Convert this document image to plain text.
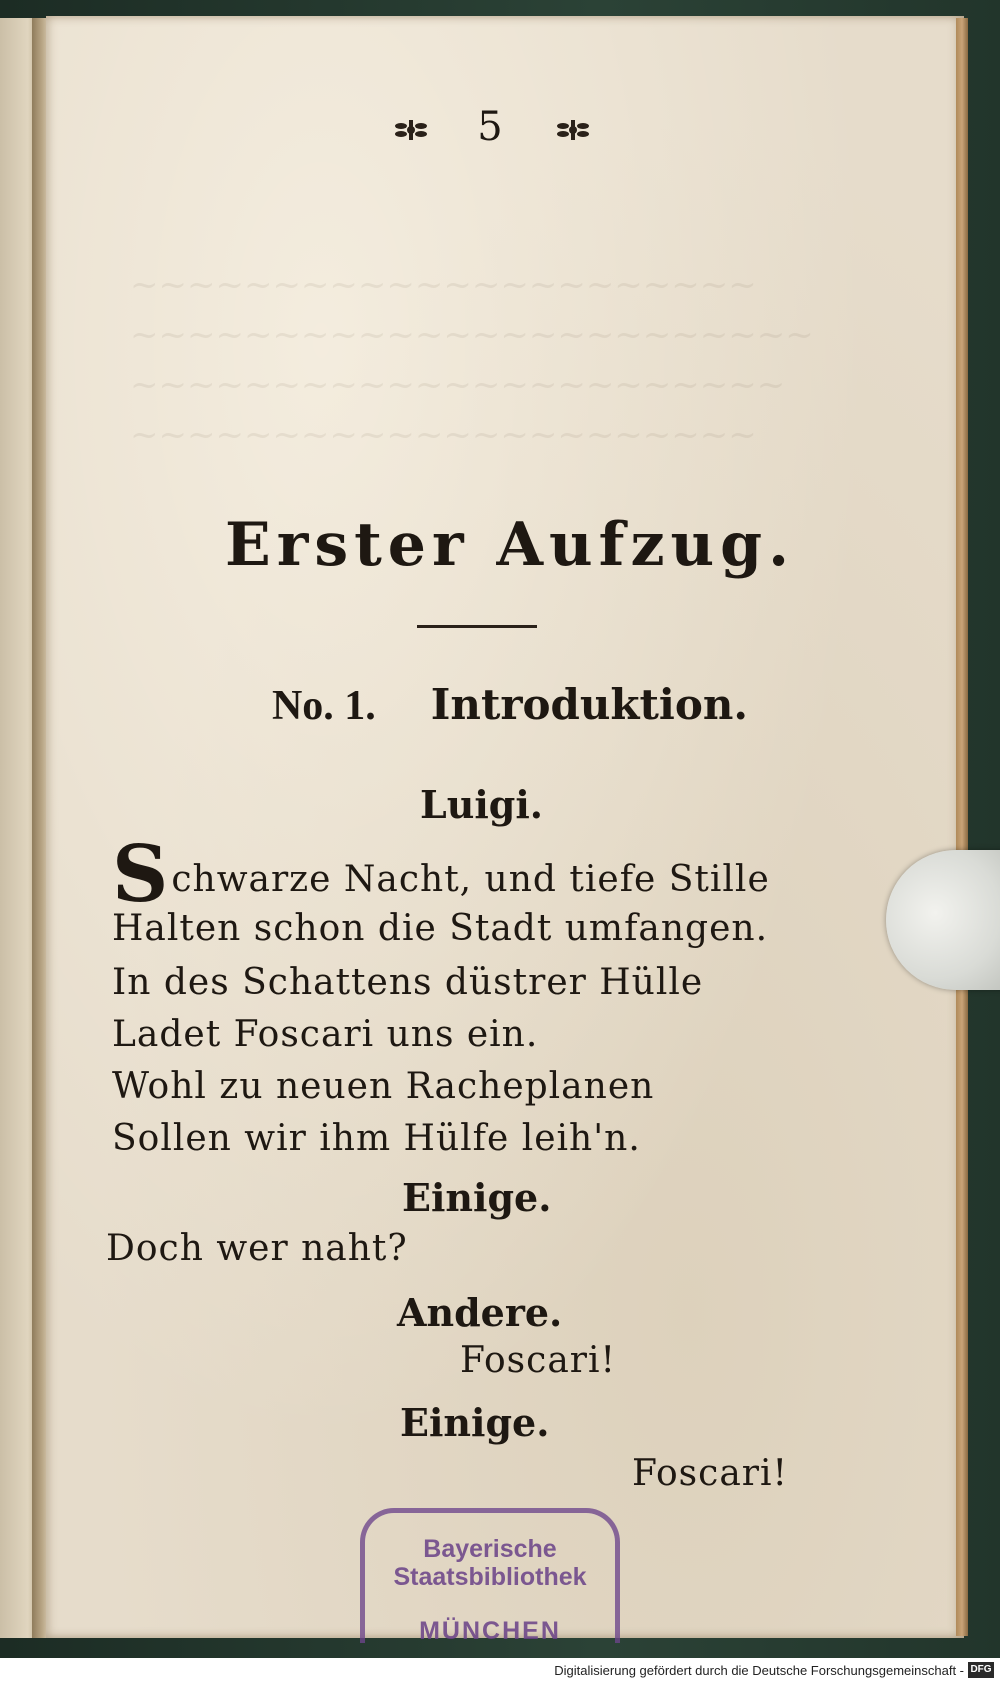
5
Erster Aufzug.
No. 1. Introduktion.
Luigi.
Schwarze Nacht, und tiefe Stille
Halten schon die Stadt umfangen.
In des Schattens düstrer Hülle
Ladet Foscari uns ein.
Wohl zu neuen Racheplanen
Sollen wir ihm Hülfe leih'n.
Einige.
Doch wer naht?
Andere.
Foscari!
Einige.
Foscari!
Bayerische
Staatsbibliothek
MÜNCHEN
Digitalisierung gefördert durch die Deutsche Forschungsgemeinschaft - DFG
